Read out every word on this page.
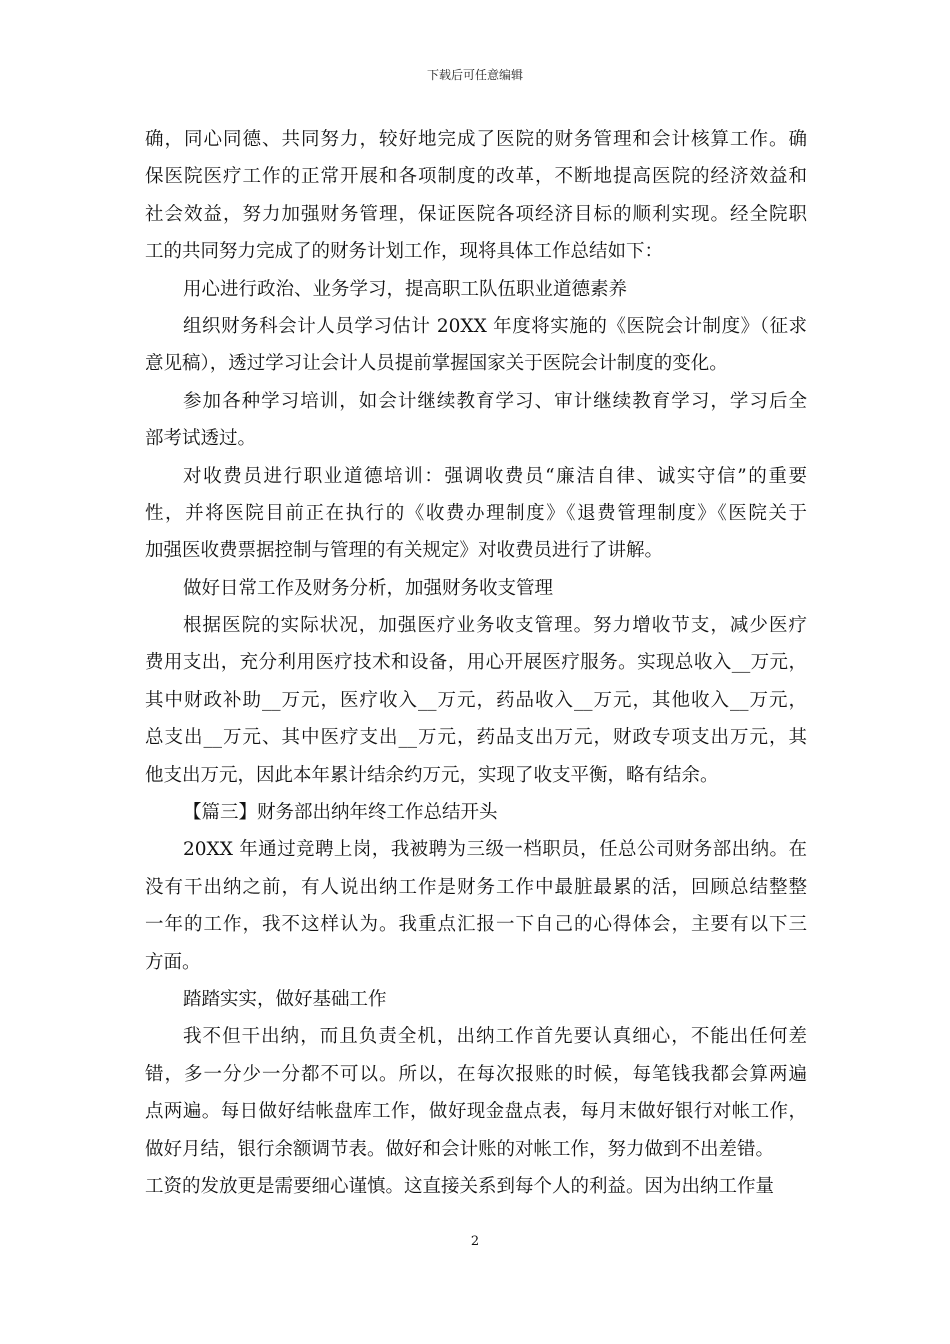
下载后可任意编辑
确，同心同德、共同努力，较好地完成了医院的财务管理和会计核算工作。确
保医院医疗工作的正常开展和各项制度的改革，不断地提高医院的经济效益和
社会效益，努力加强财务管理，保证医院各项经济目标的顺利实现。经全院职
工的共同努力完成了的财务计划工作，现将具体工作总结如下：
用心进行政治、业务学习，提高职工队伍职业道德素养
组织财务科会计人员学习估计 20XX 年度将实施的《医院会计制度》（征求
意见稿），透过学习让会计人员提前掌握国家关于医院会计制度的变化。
参加各种学习培训，如会计继续教育学习、审计继续教育学习，学习后全
部考试透过。
对收费员进行职业道德培训：强调收费员“廉洁自律、诚实守信”的重要
性，并将医院目前正在执行的《收费办理制度》《退费管理制度》《医院关于
加强医收费票据控制与管理的有关规定》对收费员进行了讲解。
做好日常工作及财务分析，加强财务收支管理
根据医院的实际状况，加强医疗业务收支管理。努力增收节支，减少医疗
费用支出，充分利用医疗技术和设备，用心开展医疗服务。实现总收入__万元，
其中财政补助__万元，医疗收入__万元，药品收入__万元，其他收入__万元，
总支出__万元、其中医疗支出__万元，药品支出万元，财政专项支出万元，其
他支出万元，因此本年累计结余约万元，实现了收支平衡，略有结余。
【篇三】财务部出纳年终工作总结开头
20XX 年通过竞聘上岗，我被聘为三级一档职员，任总公司财务部出纳。在
没有干出纳之前，有人说出纳工作是财务工作中最脏最累的活，回顾总结整整
一年的工作，我不这样认为。我重点汇报一下自己的心得体会，主要有以下三
方面。
踏踏实实，做好基础工作
我不但干出纳，而且负责全机，出纳工作首先要认真细心，不能出任何差
错，多一分少一分都不可以。所以，在每次报账的时候，每笔钱我都会算两遍
点两遍。每日做好结帐盘库工作，做好现金盘点表，每月末做好银行对帐工作，
做好月结，银行余额调节表。做好和会计账的对帐工作，努力做到不出差错。
工资的发放更是需要细心谨慎。这直接关系到每个人的利益。因为出纳工作量
2
